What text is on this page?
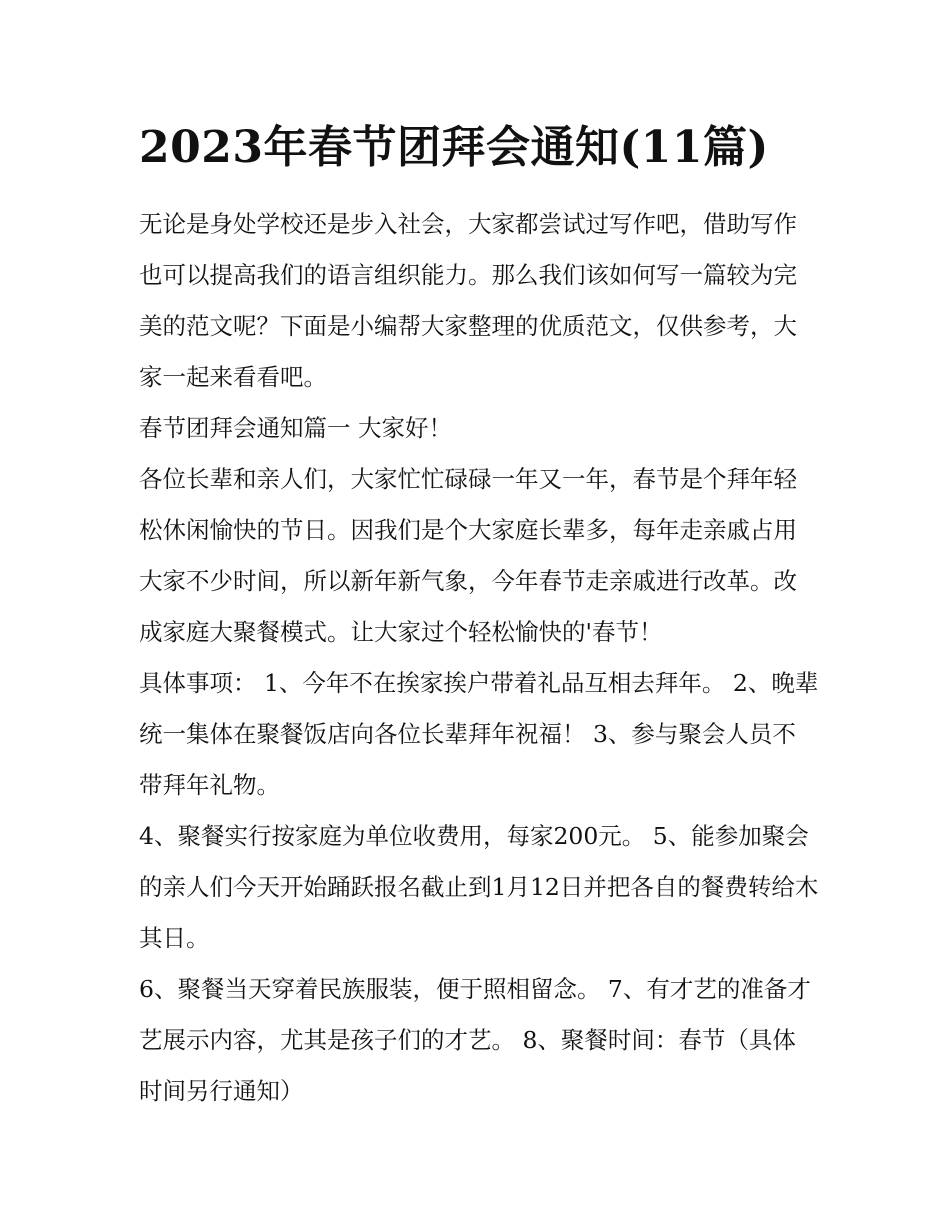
2023年春节团拜会通知(11篇)

无论是身处学校还是步入社会，大家都尝试过写作吧，借助写作也可以提高我们的语言组织能力。那么我们该如何写一篇较为完美的范文呢？下面是小编帮大家整理的优质范文，仅供参考，大家一起来看看吧。

春节团拜会通知篇一 大家好！

各位长辈和亲人们，大家忙忙碌碌一年又一年，春节是个拜年轻松休闲愉快的节日。因我们是个大家庭长辈多，每年走亲戚占用大家不少时间，所以新年新气象，今年春节走亲戚进行改革。改成家庭大聚餐模式。让大家过个轻松愉快的'春节！

具体事项： 1、今年不在挨家挨户带着礼品互相去拜年。 2、晚辈统一集体在聚餐饭店向各位长辈拜年祝福！ 3、参与聚会人员不带拜年礼物。

4、聚餐实行按家庭为单位收费用，每家200元。 5、能参加聚会的亲人们今天开始踊跃报名截止到1月12日并把各自的餐费转给木其日。

6、聚餐当天穿着民族服装，便于照相留念。 7、有才艺的准备才艺展示内容，尤其是孩子们的才艺。 8、聚餐时间：春节（具体时间另行通知）
